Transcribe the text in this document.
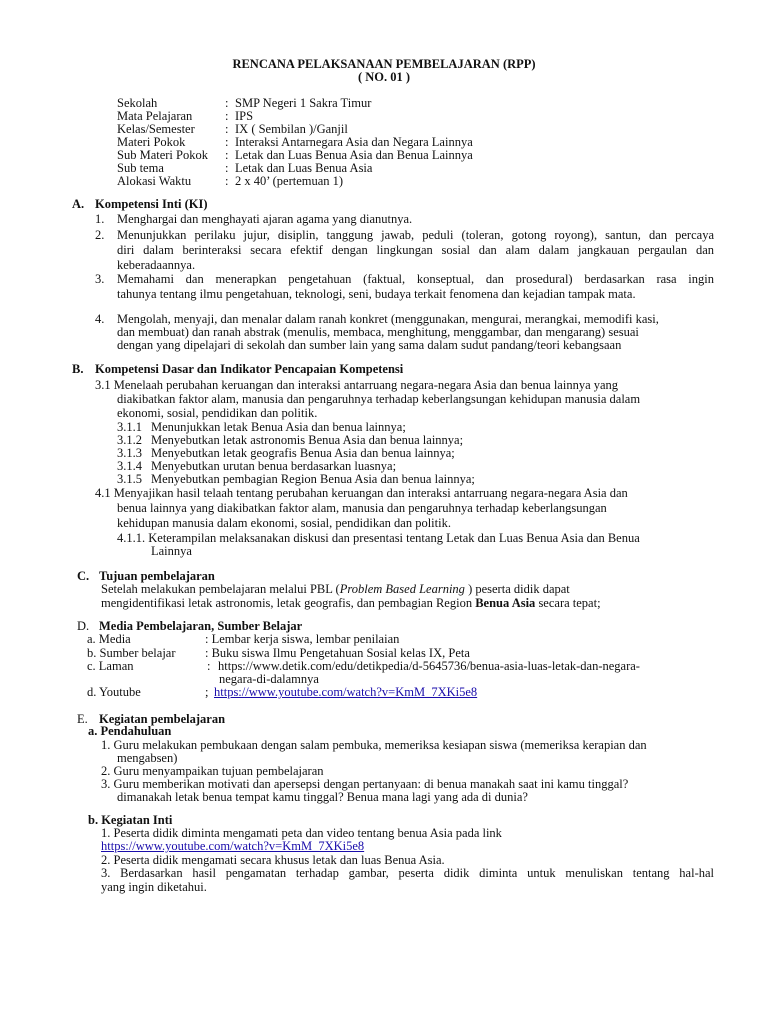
RENCANA PELAKSANAAN PEMBELAJARAN (RPP)
( NO. 01 )
Sekolah	: SMP Negeri 1 Sakra Timur
Mata Pelajaran	: IPS
Kelas/Semester : IX ( Sembilan )/Ganjil
Materi Pokok	: Interaksi Antarnegara Asia dan Negara Lainnya
Sub Materi Pokok : Letak dan Luas Benua Asia dan Benua Lainnya
Sub tema	: Letak dan Luas Benua Asia
Alokasi Waktu	: 2 x 40’ (pertemuan 1)
A. Kompetensi Inti (KI)
1. Menghargai dan menghayati ajaran agama yang dianutnya.
2. Menunjukkan perilaku jujur, disiplin, tanggung jawab, peduli (toleran, gotong royong), santun, dan percaya
diri dalam berinteraksi secara efektif dengan lingkungan sosial dan alam dalam jangkauan pergaulan dan
keberadaannya.
3. Memahami dan menerapkan pengetahuan (faktual, konseptual, dan prosedural) berdasarkan rasa ingin
tahunya tentang ilmu pengetahuan, teknologi, seni, budaya terkait fenomena dan kejadian tampak mata.
4. Mengolah, menyaji, dan menalar dalam ranah konkret (menggunakan, mengurai, merangkai, memodifi kasi,
dan membuat) dan ranah abstrak (menulis, membaca, menghitung, menggambar, dan mengarang) sesuai
dengan yang dipelajari di sekolah dan sumber lain yang sama dalam sudut pandang/teori kebangsaan
B. Kompetensi Dasar dan Indikator Pencapaian Kompetensi
3.1 Menelaah perubahan keruangan dan interaksi antarruang negara-negara Asia dan benua lainnya yang
diakibatkan faktor alam, manusia dan pengaruhnya terhadap keberlangsungan kehidupan manusia dalam
ekonomi, sosial, pendidikan dan politik.
3.1.1 Menunjukkan letak Benua Asia dan benua lainnya;
3.1.2 Menyebutkan letak astronomis Benua Asia dan benua lainnya;
3.1.3 Menyebutkan letak geografis Benua Asia dan benua lainnya;
3.1.4 Menyebutkan urutan benua berdasarkan luasnya;
3.1.5 Menyebutkan pembagian Region Benua Asia dan benua lainnya;
4.1 Menyajikan hasil telaah tentang perubahan keruangan dan interaksi antarruang negara-negara Asia dan
benua lainnya yang diakibatkan faktor alam, manusia dan pengaruhnya terhadap keberlangsungan
kehidupan manusia dalam ekonomi, sosial, pendidikan dan politik.
4.1.1. Keterampilan melaksanakan diskusi dan presentasi tentang Letak dan Luas Benua Asia dan Benua
Lainnya
C. Tujuan pembelajaran
Setelah melakukan pembelajaran melalui PBL (Problem Based Learning ) peserta didik dapat
mengidentifikasi letak astronomis, letak geografis, dan pembagian Region Benua Asia secara tepat;
D. Media Pembelajaran, Sumber Belajar
a. Media	: Lembar kerja siswa, lembar penilaian
b. Sumber belajar : Buku siswa Ilmu Pengetahuan Sosial kelas IX, Peta
c. Laman	: https://www.detik.com/edu/detikpedia/d-5645736/benua-asia-luas-letak-dan-negara-
negara-di-dalamnya
d. Youtube	; https://www.youtube.com/watch?v=KmM_7XKi5e8
E. Kegiatan pembelajaran
a. Pendahuluan
1. Guru melakukan pembukaan dengan salam pembuka, memeriksa kesiapan siswa (memeriksa kerapian dan
mengabsen)
2. Guru menyampaikan tujuan pembelajaran
3. Guru memberikan motivati dan apersepsi dengan pertanyaan: di benua manakah saat ini kamu tinggal?
dimanakah letak benua tempat kamu tinggal? Benua mana lagi yang ada di dunia?
b. Kegiatan Inti
1. Peserta didik diminta mengamati peta dan video tentang benua Asia pada link
https://www.youtube.com/watch?v=KmM_7XKi5e8
2. Peserta didik mengamati secara khusus letak dan luas Benua Asia.
3. Berdasarkan hasil pengamatan terhadap gambar, peserta didik diminta untuk menuliskan tentang hal-hal
yang ingin diketahui.
